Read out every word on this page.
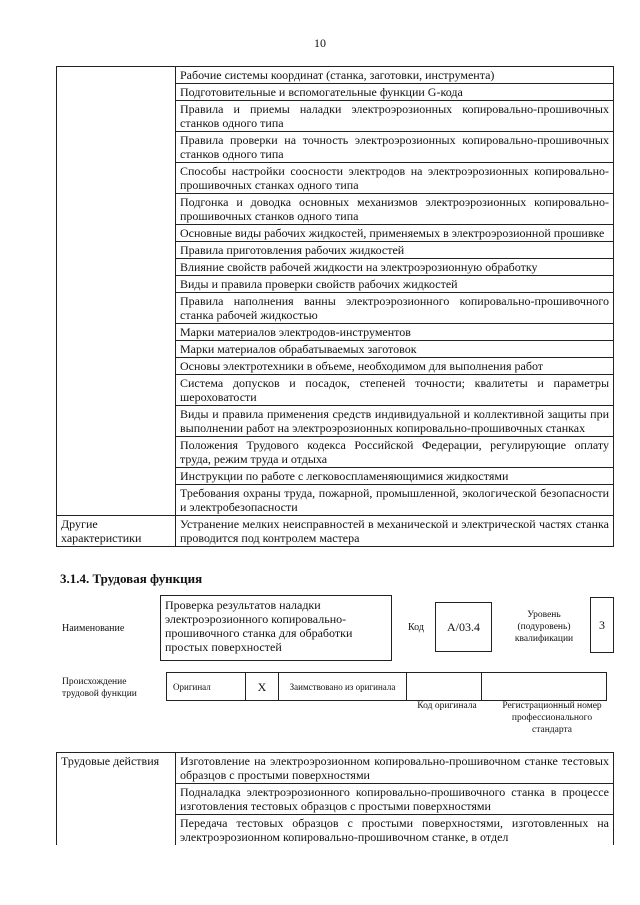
10
	Рабочие системы координат (станка, заготовки, инструмента)
	Подготовительные и вспомогательные функции G-кода
	Правила и приемы наладки электроэрозионных копировально-прошивочных станков одного типа
	Правила проверки на точность электроэрозионных копировально-прошивочных станков одного типа
	Способы настройки соосности электродов на электроэрозионных копировально-прошивочных станках одного типа
	Подгонка и доводка основных механизмов электроэрозионных копировально-прошивочных станков одного типа
	Основные виды рабочих жидкостей, применяемых в электроэрозионной прошивке
	Правила приготовления рабочих жидкостей
	Влияние свойств рабочей жидкости на электроэрозионную обработку
	Виды и правила проверки свойств рабочих жидкостей
	Правила наполнения ванны электроэрозионного копировально-прошивочного станка рабочей жидкостью
	Марки материалов электродов-инструментов
	Марки материалов обрабатываемых заготовок
	Основы электротехники в объеме, необходимом для выполнения работ
	Система допусков и посадок, степеней точности; квалитеты и параметры шероховатости
	Виды и правила применения средств индивидуальной и коллективной защиты при выполнении работ на электроэрозионных копировально-прошивочных станках
	Положения Трудового кодекса Российской Федерации, регулирующие оплату труда, режим труда и отдыха
	Инструкции по работе с легковоспламеняющимися жидкостями
	Требования охраны труда, пожарной, промышленной, экологической безопасности и электробезопасности
Другие характеристики	Устранение мелких неисправностей в механической и электрической частях станка проводится под контролем мастера
3.1.4. Трудовая функция
Наименование
Проверка результатов наладки электроэрозионного копировально-прошивочного станка для обработки простых поверхностей
Код A/03.4
Уровень (подуровень) квалификации
3
Происхождение трудовой функции
Оригинал	X	Заимствовано из оригинала		
Код оригинала	Регистрационный номер профессионального стандарта
Трудовые действия	Изготовление на электроэрозионном копировально-прошивочном станке тестовых образцов с простыми поверхностями
Подналадка электроэрозионного копировально-прошивочного станка в процессе изготовления тестовых образцов с простыми поверхностями
Передача тестовых образцов с простыми поверхностями, изготовленных на электроэрозионном копировально-прошивочном станке, в отдел
